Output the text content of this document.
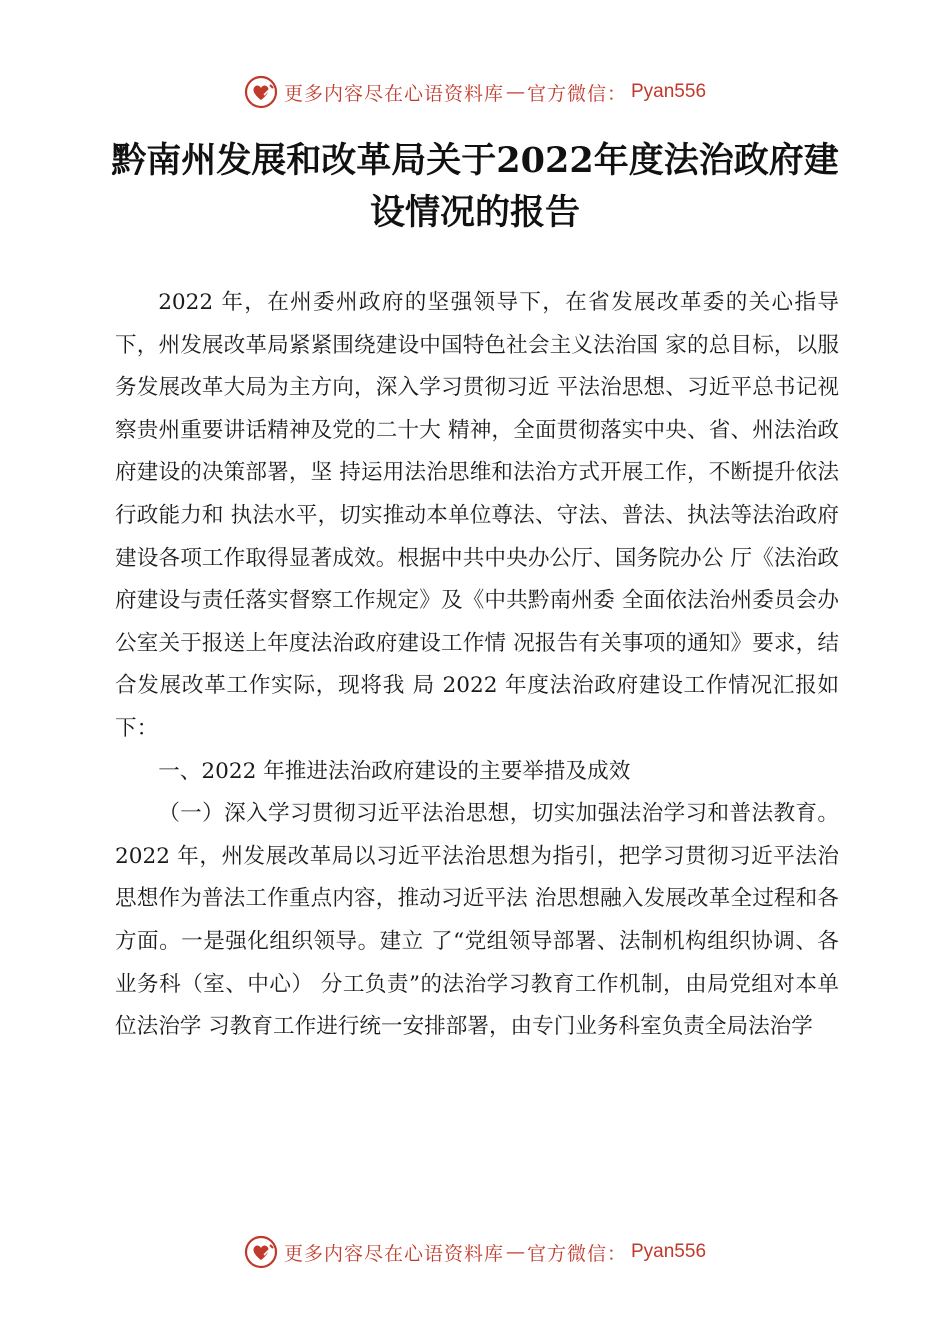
更多内容尽在心语资料库 — 官方微信： Pyan556
黔南州发展和改革局关于2022年度法治政府建设情况的报告

2022 年，在州委州政府的坚强领导下，在省发展改革委的关心指导下，州发展改革局紧紧围绕建设中国特色社会主义法治国 家的总目标，以服务发展改革大局为主方向，深入学习贯彻习近 平法治思想、习近平总书记视察贵州重要讲话精神及党的二十大 精神，全面贯彻落实中央、省、州法治政府建设的决策部署，坚 持运用法治思维和法治方式开展工作，不断提升依法行政能力和 执法水平，切实推动本单位尊法、守法、普法、执法等法治政府 建设各项工作取得显著成效。根据中共中央办公厅、国务院办公 厅《法治政府建设与责任落实督察工作规定》及《中共黔南州委 全面依法治州委员会办公室关于报送上年度法治政府建设工作情 况报告有关事项的通知》要求，结合发展改革工作实际，现将我 局 2022 年度法治政府建设工作情况汇报如下：

一、2022 年推进法治政府建设的主要举措及成效

（一）深入学习贯彻习近平法治思想，切实加强法治学习和普法教育。2022 年，州发展改革局以习近平法治思想为指引，把学习贯彻习近平法治思想作为普法工作重点内容，推动习近平法 治思想融入发展改革全过程和各方面。一是强化组织领导。建立 了“党组领导部署、法制机构组织协调、各业务科（室、中心） 分工负责”的法治学习教育工作机制，由局党组对本单位法治学 习教育工作进行统一安排部署，由专门业务科室负责全局法治学

更多内容尽在心语资料库 — 官方微信： Pyan556
